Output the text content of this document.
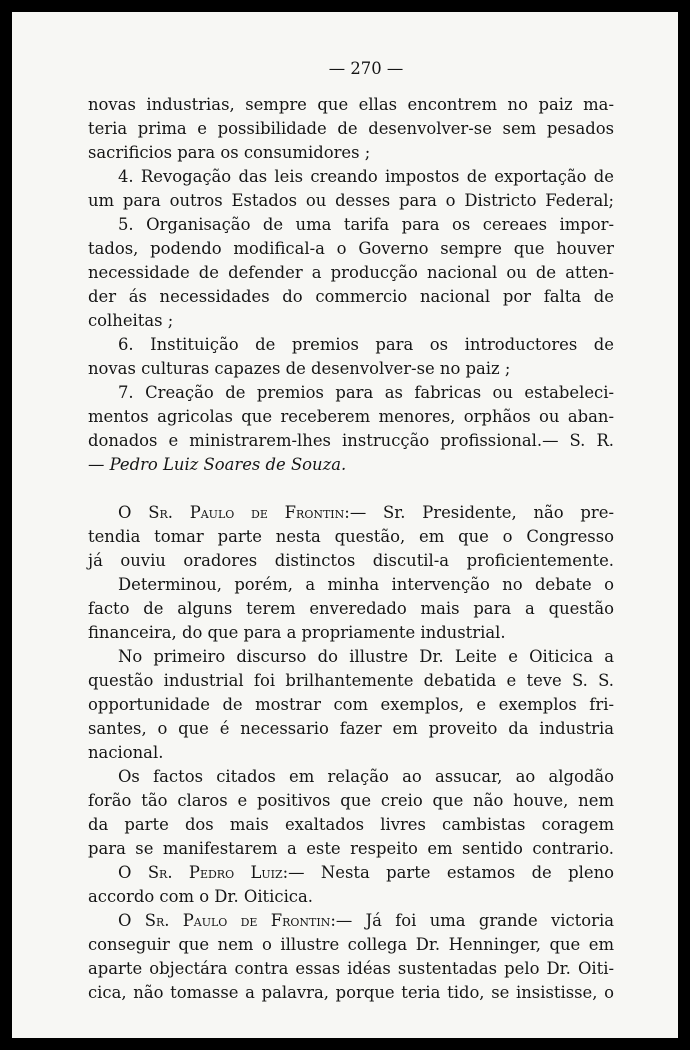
— 270 —
novas industrias, sempre que ellas encontrem no paiz ma-
teria prima e possibilidade de desenvolver-se sem pesados
sacrificios para os consumidores ;
4. Revogação das leis creando impostos de exportação de
um para outros Estados ou desses para o Districto Federal;
5. Organisação de uma tarifa para os cereaes impor-
tados, podendo modifical-a o Governo sempre que houver
necessidade de defender a producção nacional ou de atten-
der ás necessidades do commercio nacional por falta de
colheitas ;
6. Instituição de premios para os introductores de
novas culturas capazes de desenvolver-se no paiz ;
7. Creação de premios para as fabricas ou estabeleci-
mentos agricolas que receberem menores, orphãos ou aban-
donados e ministrarem-lhes instrucção profissional.— S. R.
— Pedro Luiz Soares de Souza.
O Sr. Paulo de Frontin:— Sr. Presidente, não pre-
tendia tomar parte nesta questão, em que o Congresso
já ouviu oradores distinctos discutil-a proficientemente.
Determinou, porém, a minha intervenção no debate o
facto de alguns terem enveredado mais para a questão
financeira, do que para a propriamente industrial.
No primeiro discurso do illustre Dr. Leite e Oiticica a
questão industrial foi brilhantemente debatida e teve S. S.
opportunidade de mostrar com exemplos, e exemplos fri-
santes, o que é necessario fazer em proveito da industria
nacional.
Os factos citados em relação ao assucar, ao algodão
forão tão claros e positivos que creio que não houve, nem
da parte dos mais exaltados livres cambistas coragem
para se manifestarem a este respeito em sentido contrario.
O Sr. Pedro Luiz:— Nesta parte estamos de pleno
accordo com o Dr. Oiticica.
O Sr. Paulo de Frontin:— Já foi uma grande victoria
conseguir que nem o illustre collega Dr. Henninger, que em
aparte objectára contra essas idéas sustentadas pelo Dr. Oiti-
cica, não tomasse a palavra, porque teria tido, se insistisse, o
